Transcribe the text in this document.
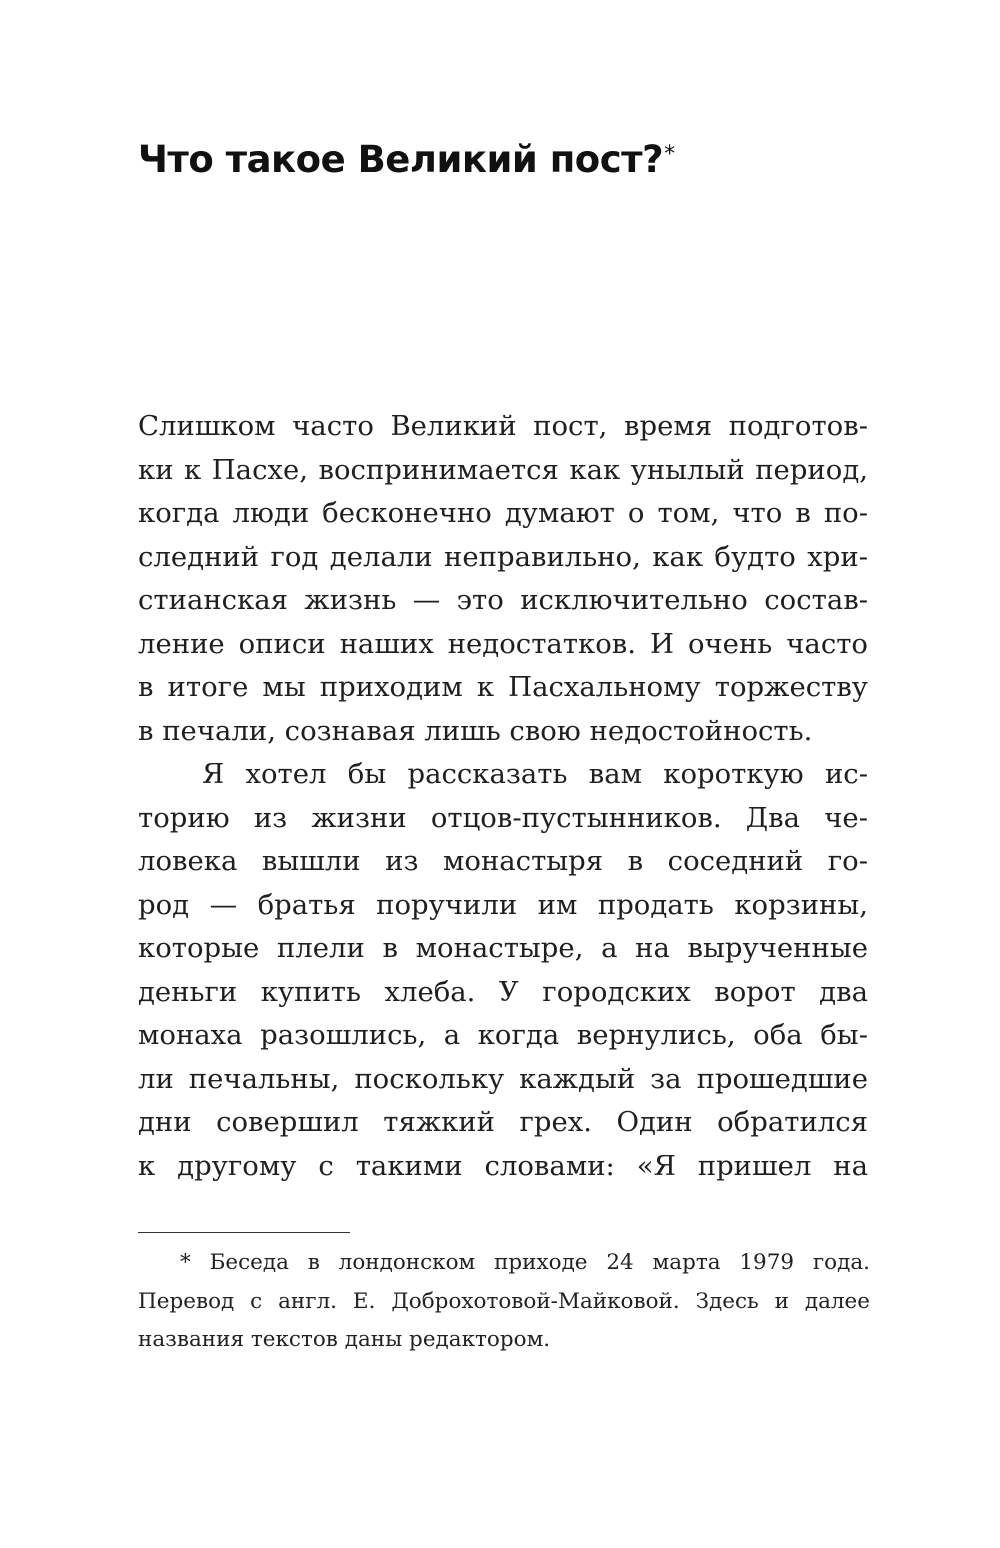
Что такое Великий пост?*
Слишком часто Великий пост, время подготов-
ки к Пасхе, воспринимается как унылый период,
когда люди бесконечно думают о том, что в по-
следний год делали неправильно, как будто хри-
стианская жизнь — это исключительно состав-
ление описи наших недостатков. И очень часто
в итоге мы приходим к Пасхальному торжеству
в печали, сознавая лишь свою недостойность.
Я хотел бы рассказать вам короткую ис-
торию из жизни отцов-пустынников. Два че-
ловека вышли из монастыря в соседний го-
род — братья поручили им продать корзины,
которые плели в монастыре, а на вырученные
деньги купить хлеба. У городских ворот два
монаха разошлись, а когда вернулись, оба бы-
ли печальны, поскольку каждый за прошедшие
дни совершил тяжкий грех. Один обратился
к другому с такими словами: «Я пришел на
* Беседа в лондонском приходе 24 марта 1979 года.
Перевод с англ. Е. Доброхотовой-Майковой. Здесь и далее
названия текстов даны редактором.
